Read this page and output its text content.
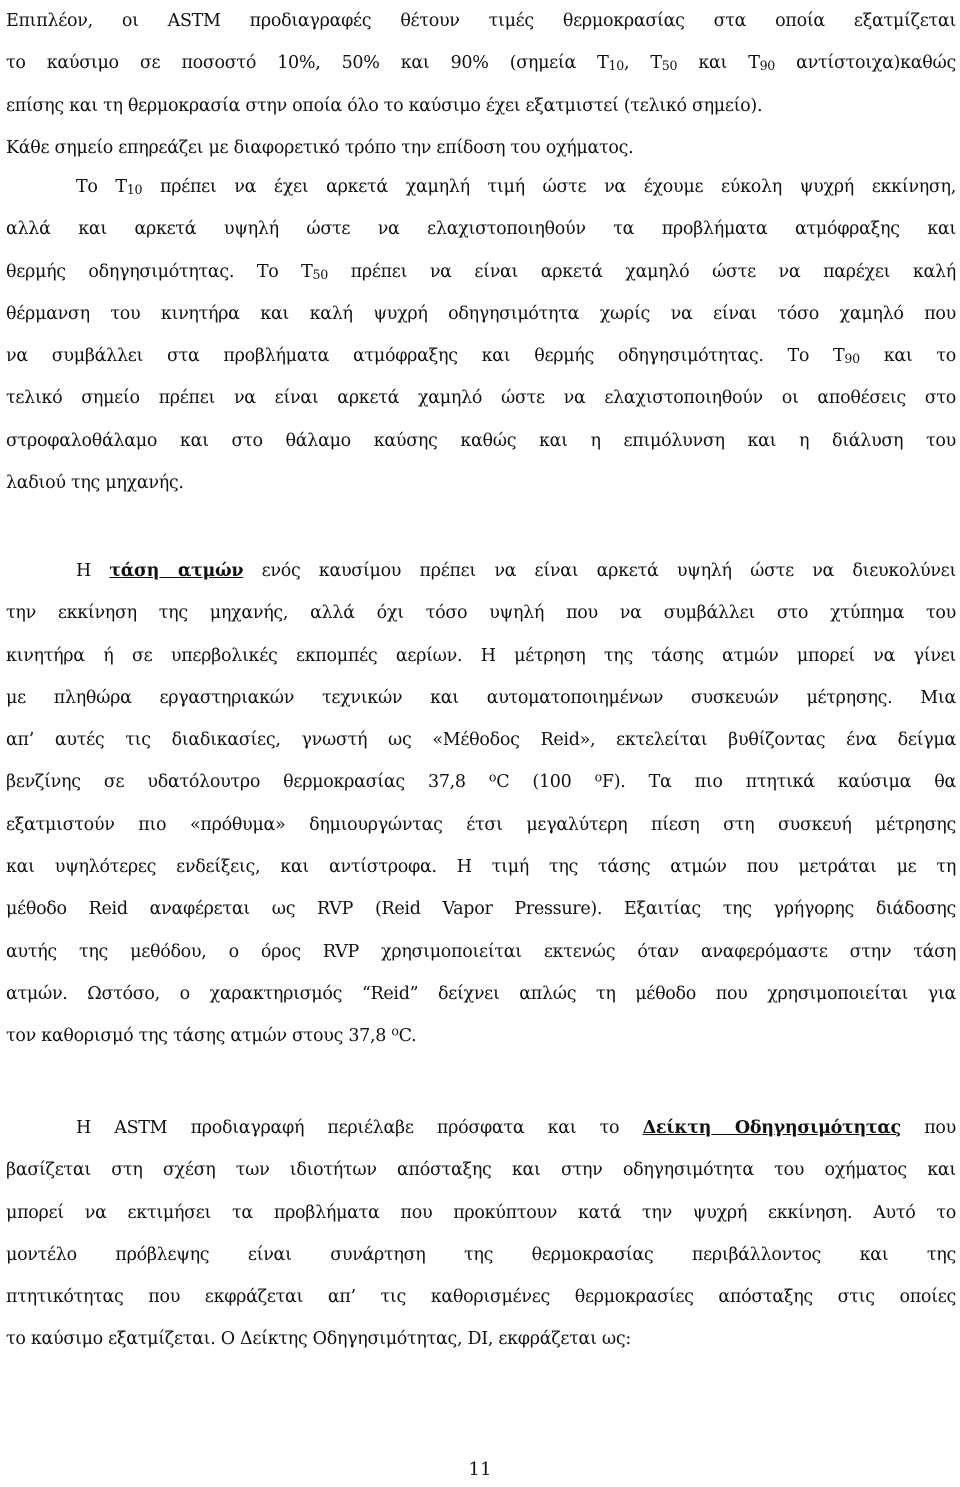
Επιπλέον, οι ASTM προδιαγραφές θέτουν τιμές θερμοκρασίας στα οποία εξατμίζεται
το καύσιμο σε ποσοστό 10%, 50% και 90% (σημεία $T_{10}$, $T_{50}$ και $T_{90}$ αντίστοιχα)καθώς
επίσης και τη θερμοκρασία στην οποία όλο το καύσιμο έχει εξατμιστεί (τελικό σημείο).
Κάθε σημείο επηρεάζει με διαφορετικό τρόπο την επίδοση του οχήματος.
Το $T_{10}$ πρέπει να έχει αρκετά χαμηλή τιμή ώστε να έχουμε εύκολη ψυχρή εκκίνηση,
αλλά και αρκετά υψηλή ώστε να ελαχιστοποιηθούν τα προβλήματα ατμόφραξης και
θερμής οδηγησιμότητας. Το $T_{50}$ πρέπει να είναι αρκετά χαμηλό ώστε να παρέχει καλή
θέρμανση του κινητήρα και καλή ψυχρή οδηγησιμότητα χωρίς να είναι τόσο χαμηλό που
να συμβάλλει στα προβλήματα ατμόφραξης και θερμής οδηγησιμότητας. Το $T_{90}$ και το
τελικό σημείο πρέπει να είναι αρκετά χαμηλό ώστε να ελαχιστοποιηθούν οι αποθέσεις στο
στροφαλοθάλαμο και στο θάλαμο καύσης καθώς και η επιμόλυνση και η διάλυση του
λαδιού της μηχανής.
Η τάση ατμών ενός καυσίμου πρέπει να είναι αρκετά υψηλή ώστε να διευκολύνει
την εκκίνηση της μηχανής, αλλά όχι τόσο υψηλή που να συμβάλλει στο χτύπημα του
κινητήρα ή σε υπερβολικές εκπομπές αερίων. Η μέτρηση της τάσης ατμών μπορεί να γίνει
με πληθώρα εργαστηριακών τεχνικών και αυτοματοποιημένων συσκευών μέτρησης. Μια
απ’ αυτές τις διαδικασίες, γνωστή ως «Μέθοδος Reid», εκτελείται βυθίζοντας ένα δείγμα
βενζίνης σε υδατόλουτρο θερμοκρασίας 37,8 $^o$C (100 $^o$F). Τα πιο πτητικά καύσιμα θα
εξατμιστούν πιο «πρόθυμα» δημιουργώντας έτσι μεγαλύτερη πίεση στη συσκευή μέτρησης
και υψηλότερες ενδείξεις, και αντίστροφα. Η τιμή της τάσης ατμών που μετράται με τη
μέθοδο Reid αναφέρεται ως RVP (Reid Vapor Pressure). Εξαιτίας της γρήγορης διάδοσης
αυτής της μεθόδου, ο όρος RVP χρησιμοποιείται εκτενώς όταν αναφερόμαστε στην τάση
ατμών. Ωστόσο, ο χαρακτηρισμός “Reid” δείχνει απλώς τη μέθοδο που χρησιμοποιείται για
τον καθορισμό της τάσης ατμών στους 37,8 $^o$C.
Η ASTM προδιαγραφή περιέλαβε πρόσφατα και το Δείκτη Οδηγησιμότητας που
βασίζεται στη σχέση των ιδιοτήτων απόσταξης και στην οδηγησιμότητα του οχήματος και
μπορεί να εκτιμήσει τα προβλήματα που προκύπτουν κατά την ψυχρή εκκίνηση. Αυτό το
μοντέλο πρόβλεψης είναι συνάρτηση της θερμοκρασίας περιβάλλοντος και της
πτητικότητας που εκφράζεται απ’ τις καθορισμένες θερμοκρασίες απόσταξης στις οποίες
το καύσιμο εξατμίζεται. Ο Δείκτης Οδηγησιμότητας, DI, εκφράζεται ως:
11
